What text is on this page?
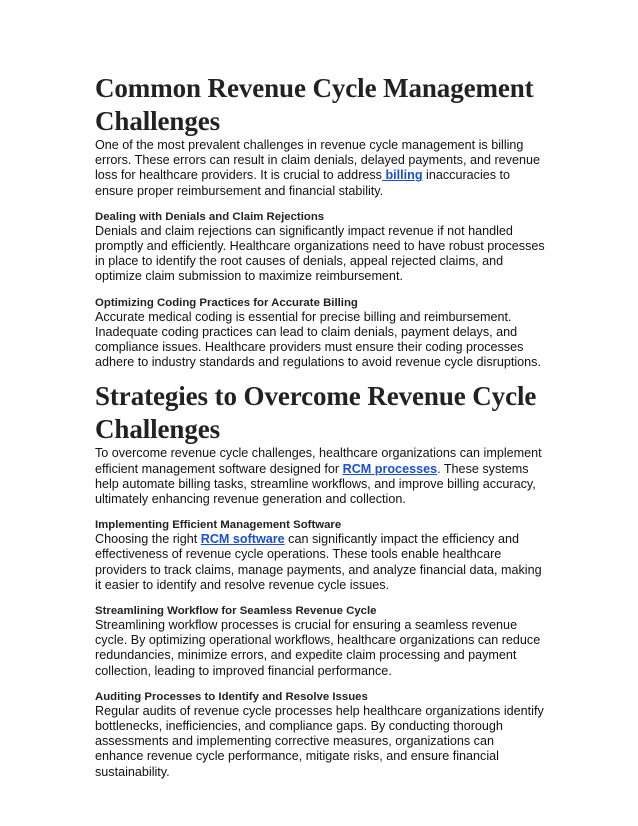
Common Revenue Cycle Management Challenges

One of the most prevalent challenges in revenue cycle management is billing errors. These errors can result in claim denials, delayed payments, and revenue loss for healthcare providers. It is crucial to address billing inaccuracies to ensure proper reimbursement and financial stability.

Dealing with Denials and Claim Rejections

Denials and claim rejections can significantly impact revenue if not handled promptly and efficiently. Healthcare organizations need to have robust processes in place to identify the root causes of denials, appeal rejected claims, and optimize claim submission to maximize reimbursement.

Optimizing Coding Practices for Accurate Billing

Accurate medical coding is essential for precise billing and reimbursement. Inadequate coding practices can lead to claim denials, payment delays, and compliance issues. Healthcare providers must ensure their coding processes adhere to industry standards and regulations to avoid revenue cycle disruptions.

Strategies to Overcome Revenue Cycle Challenges

To overcome revenue cycle challenges, healthcare organizations can implement efficient management software designed for RCM processes. These systems help automate billing tasks, streamline workflows, and improve billing accuracy, ultimately enhancing revenue generation and collection.

Implementing Efficient Management Software

Choosing the right RCM software can significantly impact the efficiency and effectiveness of revenue cycle operations. These tools enable healthcare providers to track claims, manage payments, and analyze financial data, making it easier to identify and resolve revenue cycle issues.

Streamlining Workflow for Seamless Revenue Cycle

Streamlining workflow processes is crucial for ensuring a seamless revenue cycle. By optimizing operational workflows, healthcare organizations can reduce redundancies, minimize errors, and expedite claim processing and payment collection, leading to improved financial performance.

Auditing Processes to Identify and Resolve Issues

Regular audits of revenue cycle processes help healthcare organizations identify bottlenecks, inefficiencies, and compliance gaps. By conducting thorough assessments and implementing corrective measures, organizations can enhance revenue cycle performance, mitigate risks, and ensure financial sustainability.
